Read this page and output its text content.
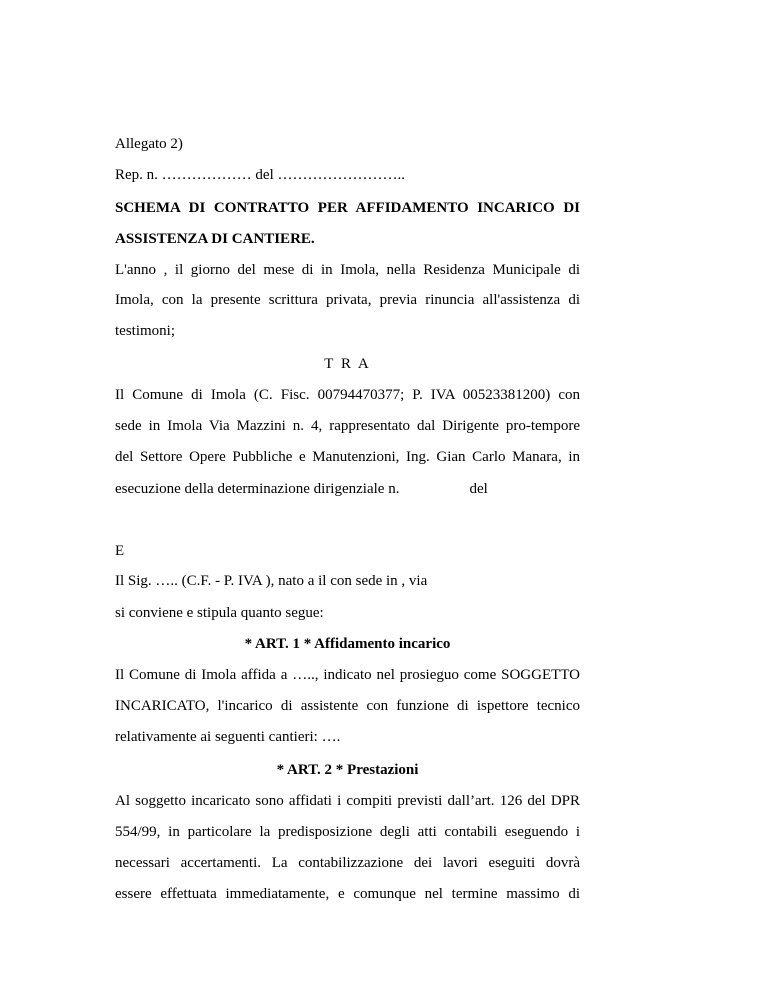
Allegato 2)
Rep. n. ……………… del ……………………..
SCHEMA DI CONTRATTO PER AFFIDAMENTO INCARICO DI
ASSISTENZA DI CANTIERE.
L'anno , il giorno del mese di in Imola, nella Residenza Municipale di
Imola, con la presente scrittura privata, previa rinuncia all'assistenza di
testimoni;
T R A
Il Comune di Imola (C. Fisc. 00794470377; P. IVA 00523381200) con
sede in Imola Via Mazzini n. 4, rappresentato dal Dirigente pro-tempore
del Settore Opere Pubbliche e Manutenzioni, Ing. Gian Carlo Manara, in
esecuzione della determinazione dirigenziale n.	del
E
Il Sig. ….. (C.F. - P. IVA ), nato a il con sede in , via
si conviene e stipula quanto segue:
* ART. 1 * Affidamento incarico
Il Comune di Imola affida a ….., indicato nel prosieguo come SOGGETTO
INCARICATO, l'incarico di assistente con funzione di ispettore tecnico
relativamente ai seguenti cantieri: ….
* ART. 2 * Prestazioni
Al soggetto incaricato sono affidati i compiti previsti dall’art. 126 del DPR
554/99, in particolare la predisposizione degli atti contabili eseguendo i
necessari accertamenti. La contabilizzazione dei lavori eseguiti dovrà
essere effettuata immediatamente, e comunque nel termine massimo di
